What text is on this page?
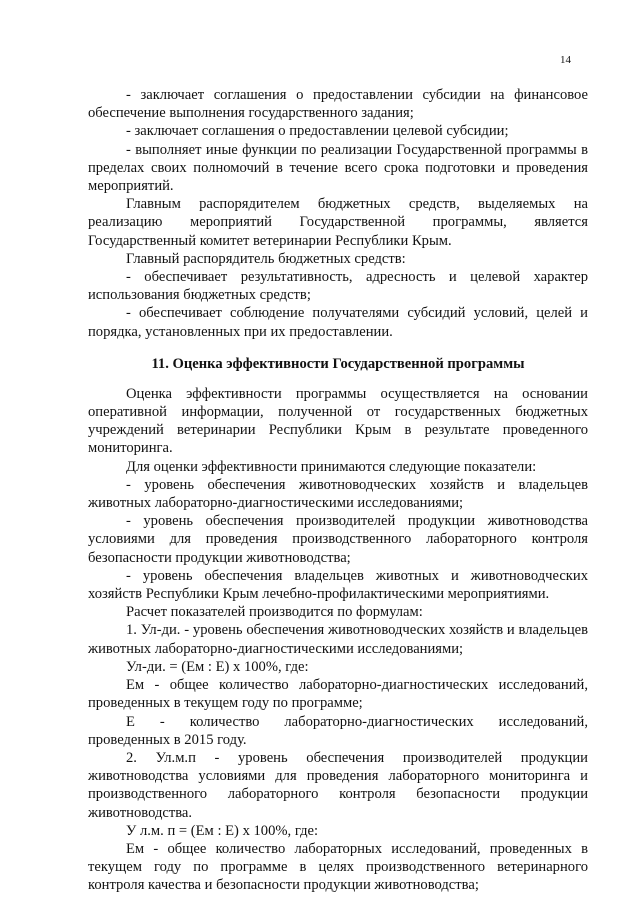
14

- заключает соглашения о предоставлении субсидии на финансовое обеспечение выполнения государственного задания;

- заключает соглашения о предоставлении целевой субсидии;

- выполняет иные функции по реализации Государственной программы в пределах своих полномочий в течение всего срока подготовки и проведения мероприятий.

Главным распорядителем бюджетных средств, выделяемых на реализацию мероприятий Государственной программы, является Государственный комитет ветеринарии Республики Крым.

Главный распорядитель бюджетных средств:

- обеспечивает результативность, адресность и целевой характер использования бюджетных средств;

- обеспечивает соблюдение получателями субсидий условий, целей и порядка, установленных при их предоставлении.

11. Оценка эффективности Государственной программы

Оценка эффективности программы осуществляется на основании оперативной информации, полученной от государственных бюджетных учреждений ветеринарии Республики Крым в результате проведенного мониторинга.

Для оценки эффективности принимаются следующие показатели:

- уровень обеспечения животноводческих хозяйств и владельцев животных лабораторно-диагностическими исследованиями;

- уровень обеспечения производителей продукции животноводства условиями для проведения производственного лабораторного контроля безопасности продукции животноводства;

- уровень обеспечения владельцев животных и животноводческих хозяйств Республики Крым лечебно-профилактическими мероприятиями.

Расчет показателей производится по формулам:

1. Ул-ди. - уровень обеспечения животноводческих хозяйств и владельцев животных лабораторно-диагностическими исследованиями;

Ул-ди. = (Ем : Е) х 100%, где:

Ем - общее количество лабораторно-диагностических исследований, проведенных в текущем году по программе;

Е - количество лабораторно-диагностических исследований, проведенных в 2015 году.

2. Ул.м.п - уровень обеспечения производителей продукции животноводства условиями для проведения лабораторного мониторинга и производственного лабораторного контроля безопасности продукции животноводства.

У л.м. п = (Ем : Е) х 100%, где:

Ем - общее количество лабораторных исследований, проведенных в текущем году по программе в целях производственного ветеринарного контроля качества и безопасности продукции животноводства;
